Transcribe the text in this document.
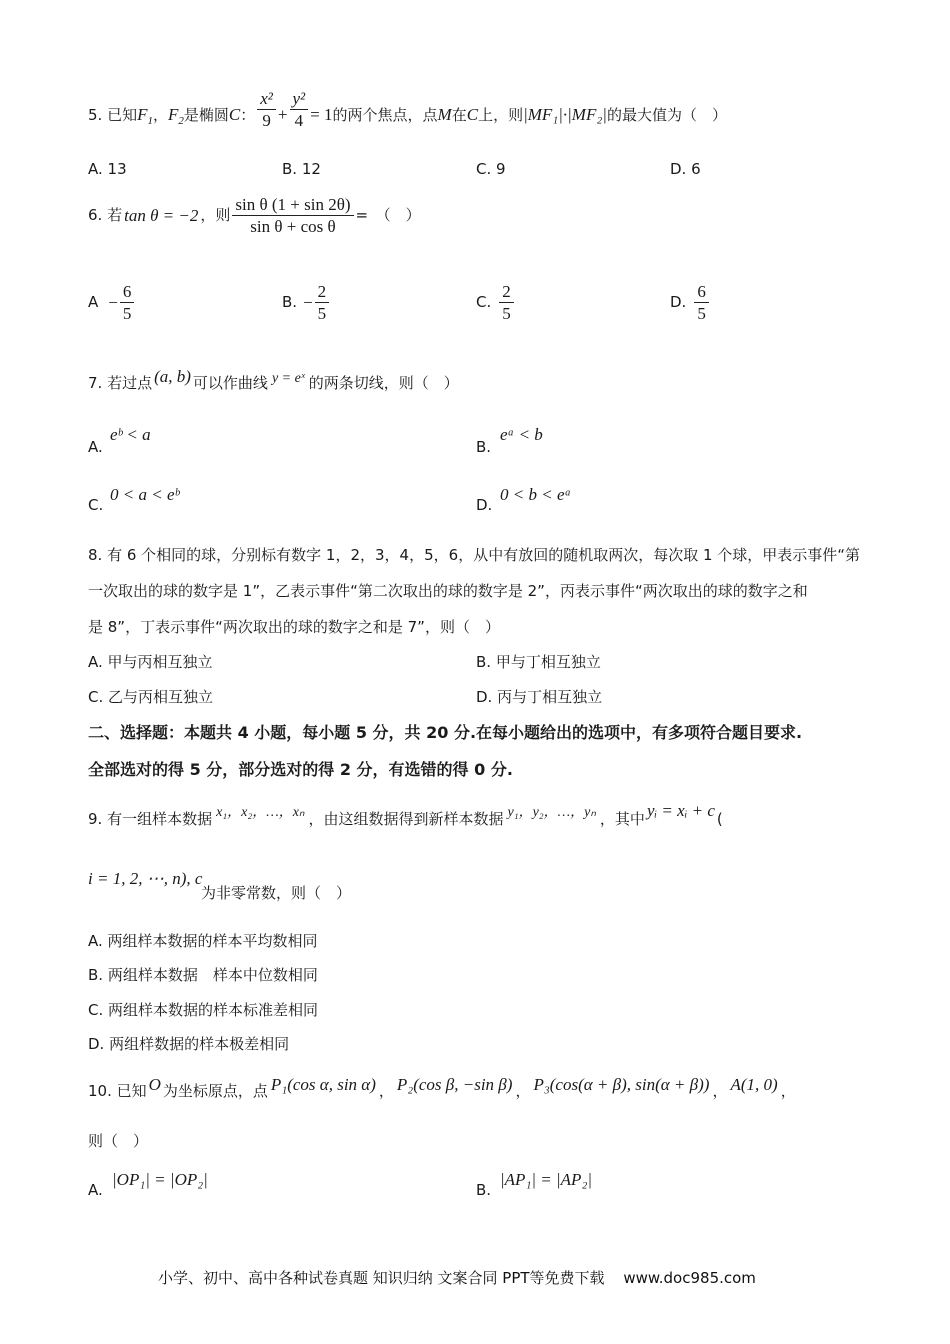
5. 已知$F_1$，$F_2$是椭圆C： $\frac{\text{x²}}{9} + \frac{\text{y²}}{4} = 1$的两个焦点，点M在C上，则|MF₁|·|MF₂|的最大值为（　）
A. 13	B. 12	C. 9	D. 6
6. 若 tan θ = −2 ，则 $\frac{\text{sin θ (1 + sin 2θ)}}{\text{sin θ + cos θ}}$ =　（　）
$A - \frac{6}{5}$	B. − $\frac{2}{5}$	C. $\frac{2}{5}$	D. $\frac{6}{5}$
7. 若过点 (a, b) 可以作曲线 y = eˣ 的两条切线，则（　）
A.
eᵇ < a
B.
eᵃ < b
C.
0 < a < eᵇ
D.
0 < b < eᵃ
8. 有 6 个相同的球，分别标有数字 1，2，3，4，5，6，从中有放回的随机取两次，每次取 1 个球，甲表示事件“第
一次取出的球的数字是 1”，乙表示事件“第二次取出的球的数字是 2”，丙表示事件“两次取出的球的数字之和
是 8”，丁表示事件“两次取出的球的数字之和是 7”，则（　）
A. 甲与丙相互独立	B. 甲与丁相互独立
C. 乙与丙相互独立	D. 丙与丁相互独立
二、选择题：本题共 4 小题，每小题 5 分，共 20 分.在每小题给出的选项中，有多项符合题目要求.
全部选对的得 5 分，部分选对的得 2 分，有选错的得 0 分.
9. 有一组样本数据 x₁，x₂，…，xₙ ，由这组数据得到新样本数据 y₁，y₂，…，yₙ ，其中 yᵢ = xᵢ + c (
i = 1, 2, ⋯, n), c
为非零常数，则（　）
A. 两组样本数据的样本平均数相同
B. 两组样本数据　样本中位数相同
C. 两组样本数据的样本标准差相同
D. 两组样数据的样本极差相同
10. 已知 O 为坐标原点，点 P₁(cos α, sin α) ， P₂(cos β, −sin β) ， P₃(cos(α + β), sin(α + β)) ， A(1, 0) ，
则（　）
A.
|OP₁| = |OP₂|
B.
|AP₁| = |AP₂|
小学、初中、高中各种试卷真题 知识归纳 文案合同 PPT等免费下载 www.doc985.com
